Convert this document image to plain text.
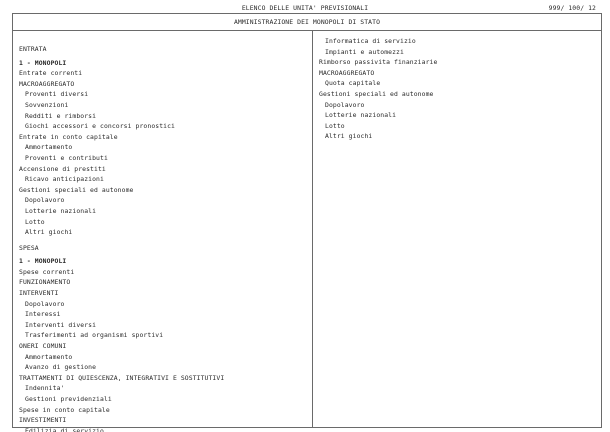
ELENCO DELLE UNITA' PREVISIONALI	999/ 100/ 12
AMMINISTRAZIONE DEI MONOPOLI DI STATO
ENTRATA
1 - MONOPOLI
Entrate correnti
MACROAGGREGATO
Proventi diversi
Sovvenzioni
Redditi e rimborsi
Giochi accessori e concorsi pronostici
Entrate in conto capitale
Ammortamento
Proventi e contributi
Accensione di prestiti
Ricavo anticipazioni
Gestioni speciali ed autonome
Dopolavoro
Lotterie nazionali
Lotto
Altri giochi
SPESA
1 - MONOPOLI
Spese correnti
FUNZIONAMENTO
INTERVENTI
Dopolavoro
Interessi
Interventi diversi
Trasferimenti ad organismi sportivi
ONERI COMUNI
Ammortamento
Avanzo di gestione
TRATTAMENTI DI QUIESCENZA, INTEGRATIVI E SOSTITUTIVI
Indennita'
Gestioni previdenziali
Spese in conto capitale
INVESTIMENTI
Edilizia di servizio
Informatica di servizio
Impianti e automezzi
Rimborso passivita finanziarie
MACROAGGREGATO
Quota capitale
Gestioni speciali ed autonome
Dopolavoro
Lotterie nazionali
Lotto
Altri giochi
